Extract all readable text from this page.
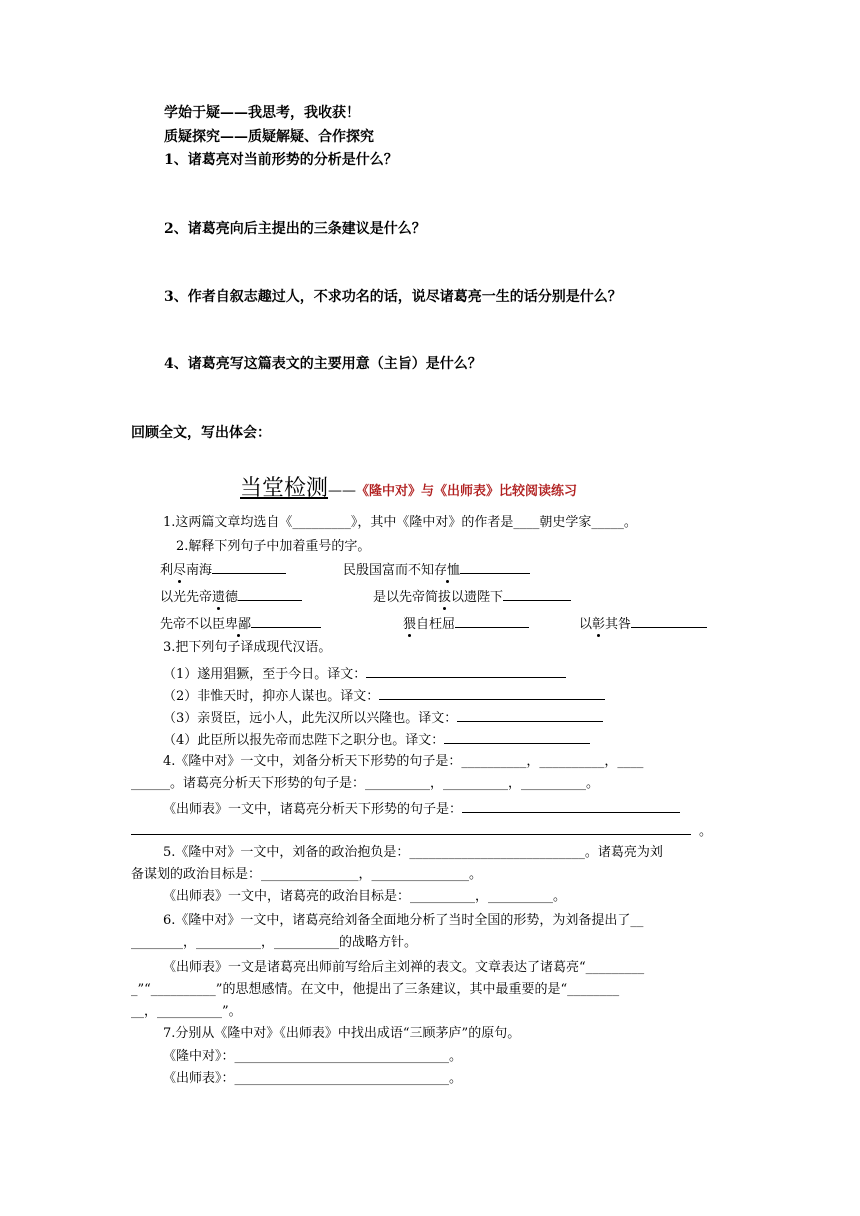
学始于疑——我思考，我收获！
质疑探究——质疑解疑、合作探究
1、诸葛亮对当前形势的分析是什么？
2、诸葛亮向后主提出的三条建议是什么？
3、作者自叙志趣过人，不求功名的话，说尽诸葛亮一生的话分别是什么？
4、诸葛亮写这篇表文的主要用意（主旨）是什么？
回顾全文，写出体会：
当堂检测——《隆中对》与《出师表》比较阅读练习
1.这两篇文章均选自《_________》，其中《隆中对》的作者是____朝史学家_____。
2.解释下列句子中加着重号的字。
利尽南海	民殷国富而不知存恤
以光先帝遗德	是以先帝简拔以遗陛下
先帝不以臣卑鄙	猥自枉屈	以彰其咎
3.把下列句子译成现代汉语。
（1）遂用猖獗，至于今日。译文：
（2）非惟天时，抑亦人谋也。译文：
（3）亲贤臣，远小人，此先汉所以兴隆也。译文：
（4）此臣所以报先帝而忠陛下之职分也。译文：
4.《隆中对》一文中，刘备分析天下形势的句子是：__________，__________，____
______。诸葛亮分析天下形势的句子是：__________，__________，__________。
《出师表》一文中，诸葛亮分析天下形势的句子是：
。
5.《隆中对》一文中，刘备的政治抱负是：___________________________。诸葛亮为刘
备谋划的政治目标是：_______________，_______________。
《出师表》一文中，诸葛亮的政治目标是：__________，__________。
6.《隆中对》一文中，诸葛亮给刘备全面地分析了当时全国的形势，为刘备提出了__
________，__________，__________的战略方针。
《出师表》一文是诸葛亮出师前写给后主刘禅的表文。文章表达了诸葛亮“_________
_”“__________”的思想感情。在文中，他提出了三条建议，其中最重要的是“________
__，__________”。
7.分别从《隆中对》《出师表》中找出成语“三顾茅庐”的原句。
《隆中对》：_________________________________。
《出师表》：_________________________________。
